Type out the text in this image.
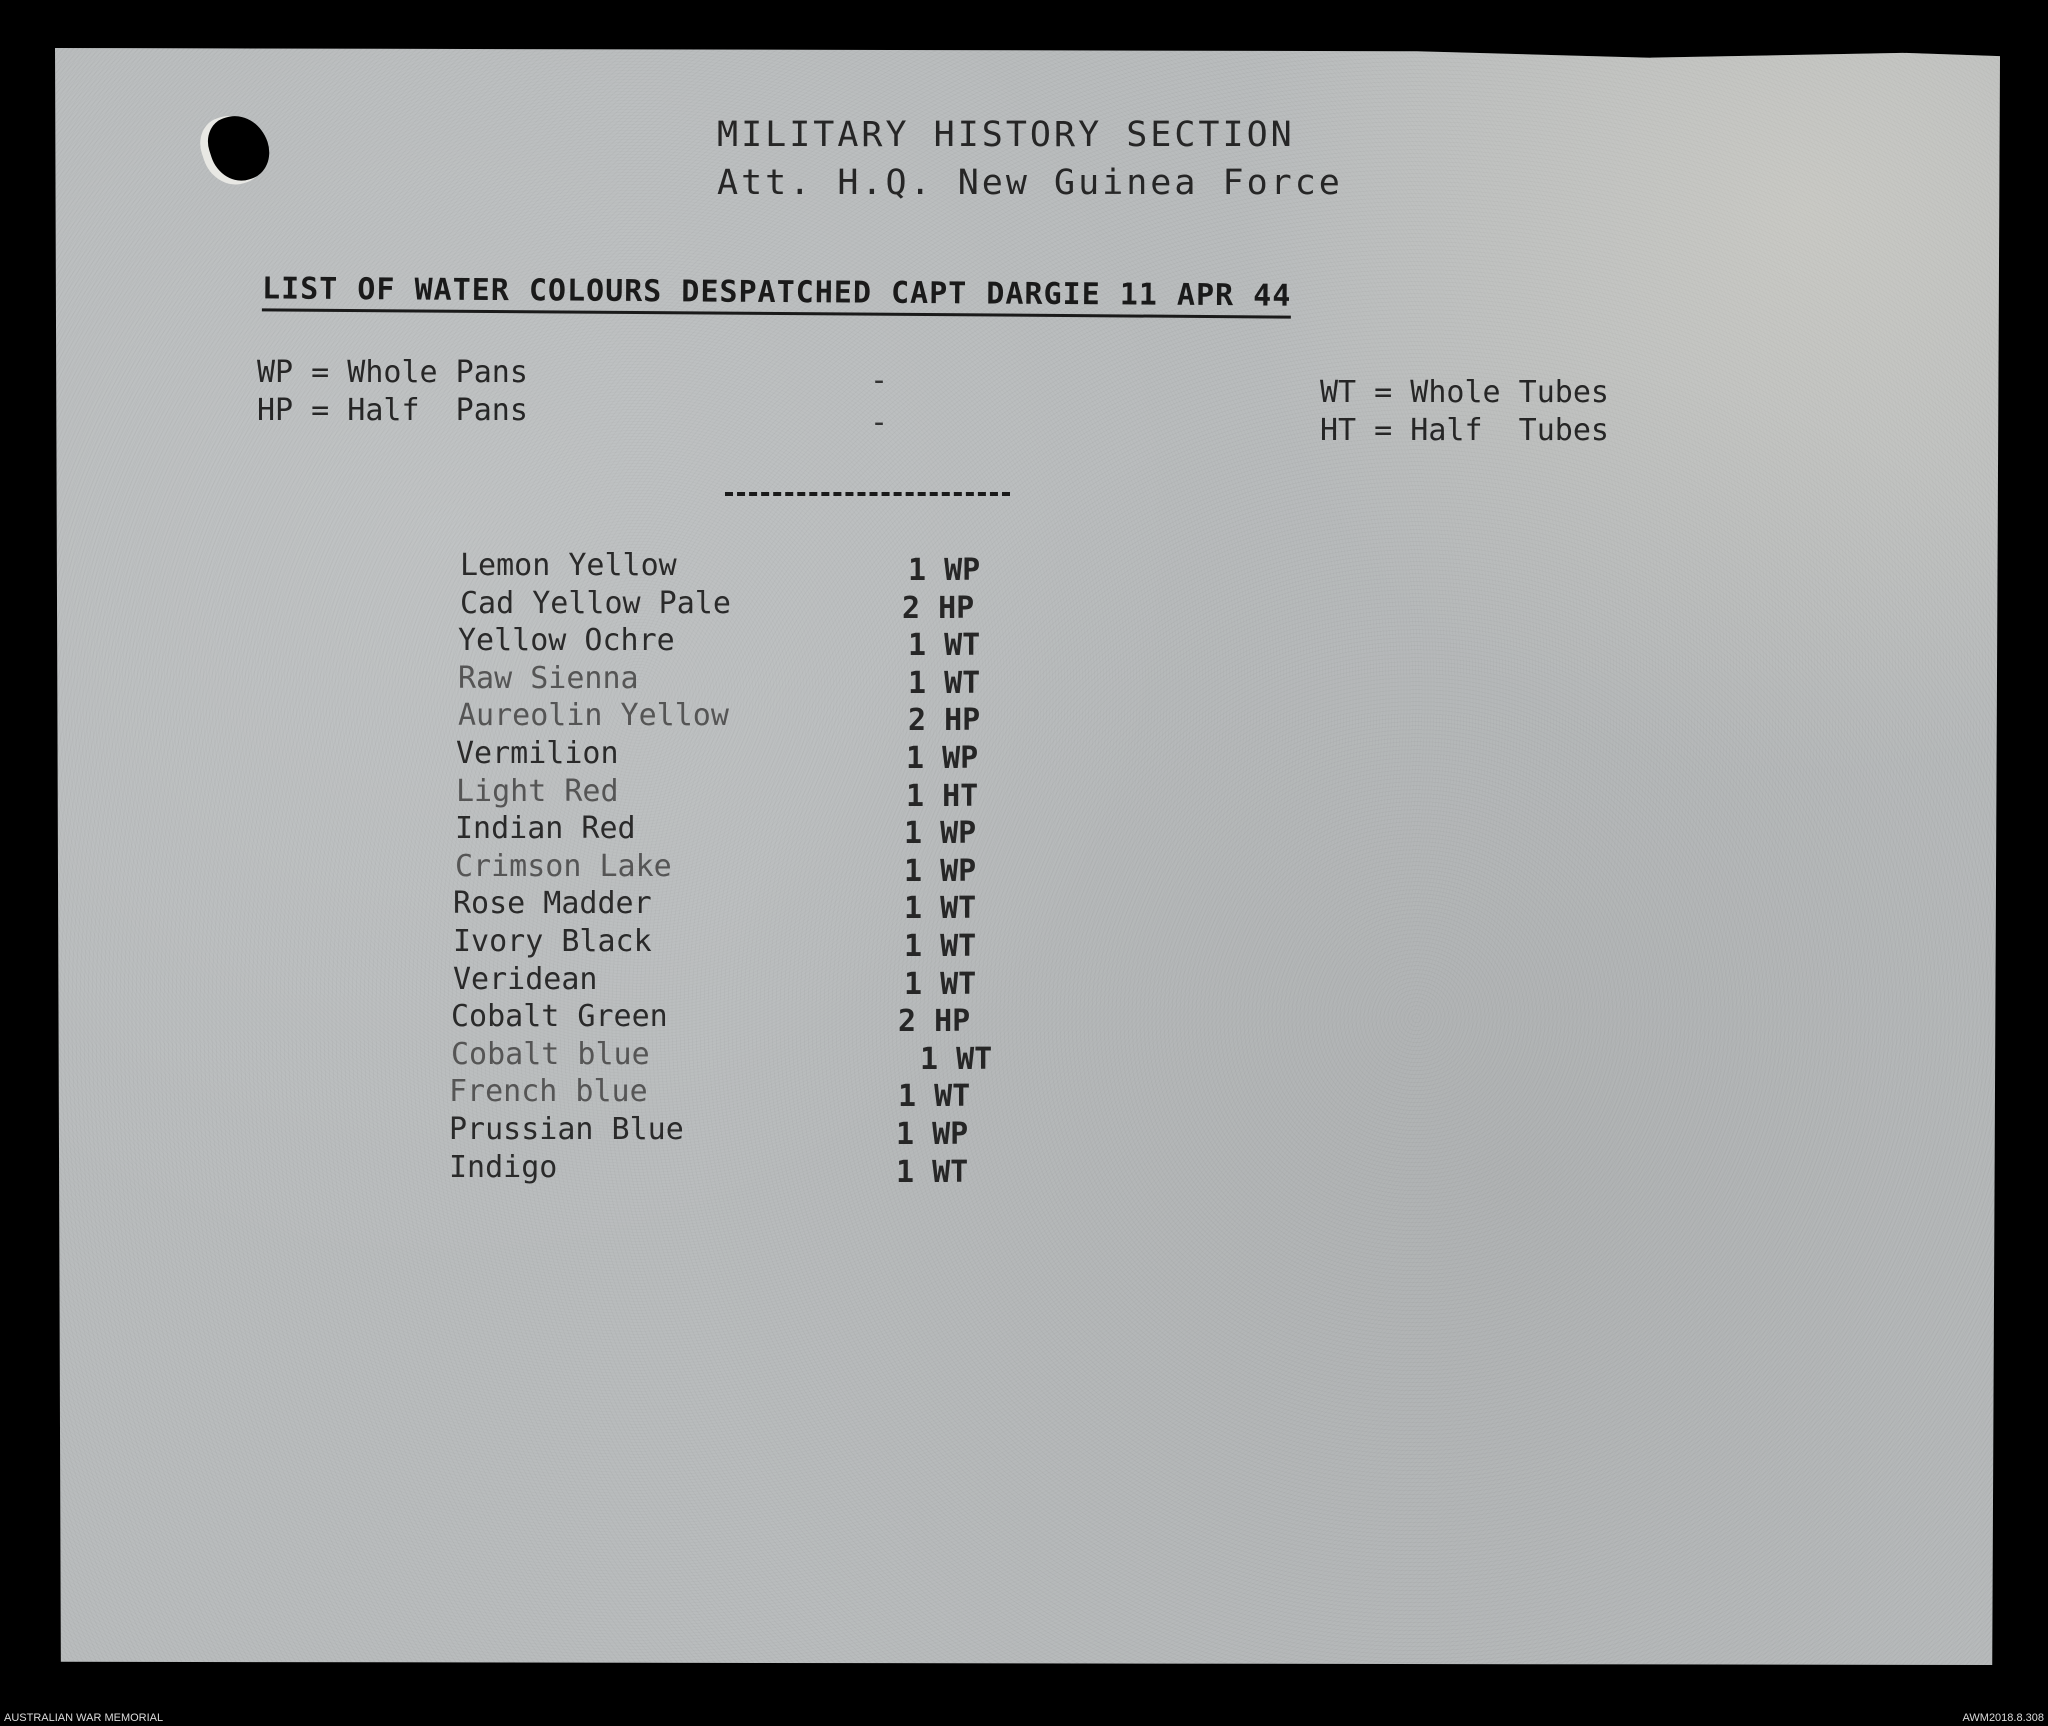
MILITARY HISTORY SECTION
Att. H.Q. New Guinea Force
LIST OF WATER COLOURS DESPATCHED CAPT DARGIE 11 APR 44
WP = Whole Pans
HP = Half  Pans
-
-
WT = Whole Tubes
HT = Half  Tubes
Lemon Yellow	1 WP
Cad Yellow Pale	2 HP
Yellow Ochre	1 WT
Raw Sienna	1 WT
Aureolin Yellow	2 HP
Vermilion	1 WP
Light Red	1 HT
Indian Red	1 WP
Crimson Lake	1 WP
Rose Madder	1 WT
Ivory Black	1 WT
Veridean	1 WT
Cobalt Green	2 HP
Cobalt blue	1 WT
French blue	1 WT
Prussian Blue	1 WP
Indigo	1 WT
AUSTRALIAN WAR MEMORIAL	AWM2018.8.308
